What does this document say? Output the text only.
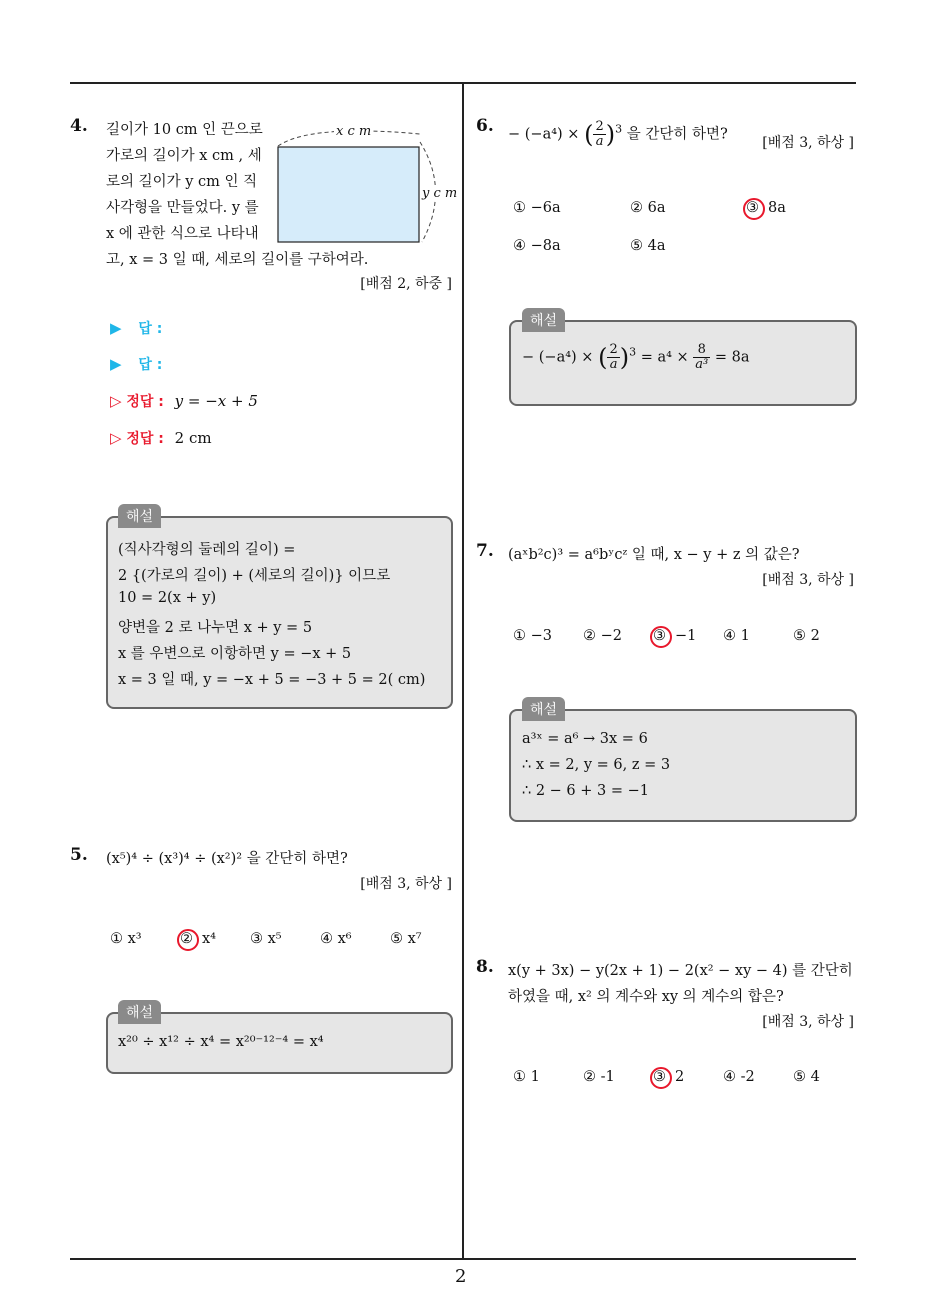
2
4. 길이가 10 cm 인 끈으로
가로의 길이가 x cm , 세
로의 길이가 y cm 인 직
사각형을 만들었다. y 를
x 에 관한 식으로 나타내
고, x = 3 일 때, 세로의 길이를 구하여라.
[배점 2, 하중 ]
x c m
y c m
▶ 답 :
▶ 답 :
▷ 정답 : y = −x + 5
▷ 정답 : 2 cm
해설
(직사각형의 둘레의 길이) =
2 {(가로의 길이) + (세로의 길이)} 이므로
10 = 2(x + y)
양변을 2 로 나누면 x + y = 5
x 를 우변으로 이항하면 y = −x + 5
x = 3 일 때, y = −x + 5 = −3 + 5 = 2( cm)
5. (x⁵)⁴ ÷ (x³)⁴ ÷ (x²)² 을 간단히 하면?
[배점 3, 하상 ]
① x³	② x⁴ ③ x⁵	④ x⁶	⑤ x⁷
해설
x²⁰ ÷ x¹² ÷ x⁴ = x²⁰⁻¹²⁻⁴ = x⁴
6. − (−a⁴) × ( $\frac{2}{a} )^3$ 을 간단히 하면?
[배점 3, 하상 ]
① −6a	② 6a	③ 8a
④ −8a	⑤ 4a
해설
− (−a⁴) × ( $\frac{2}{a} )^3 = a^4 \times \frac{8}{\text{a³}} = 8a$
7. (aˣb²c)³ = a⁶bʸcᶻ 일 때, x − y + z 의 값은?
[배점 3, 하상 ]
① −3 ② −2 ③ −1 ④ 1	⑤ 2
해설
a³ˣ = a⁶ → 3x = 6
∴ x = 2, y = 6, z = 3
∴ 2 − 6 + 3 = −1
8. x(y + 3x) − y(2x + 1) − 2(x² − xy − 4) 를 간단히
하였을 때, x² 의 계수와 xy 의 계수의 합은?
[배점 3, 하상 ]
① 1	② -1	③ 2	④ -2	⑤ 4
